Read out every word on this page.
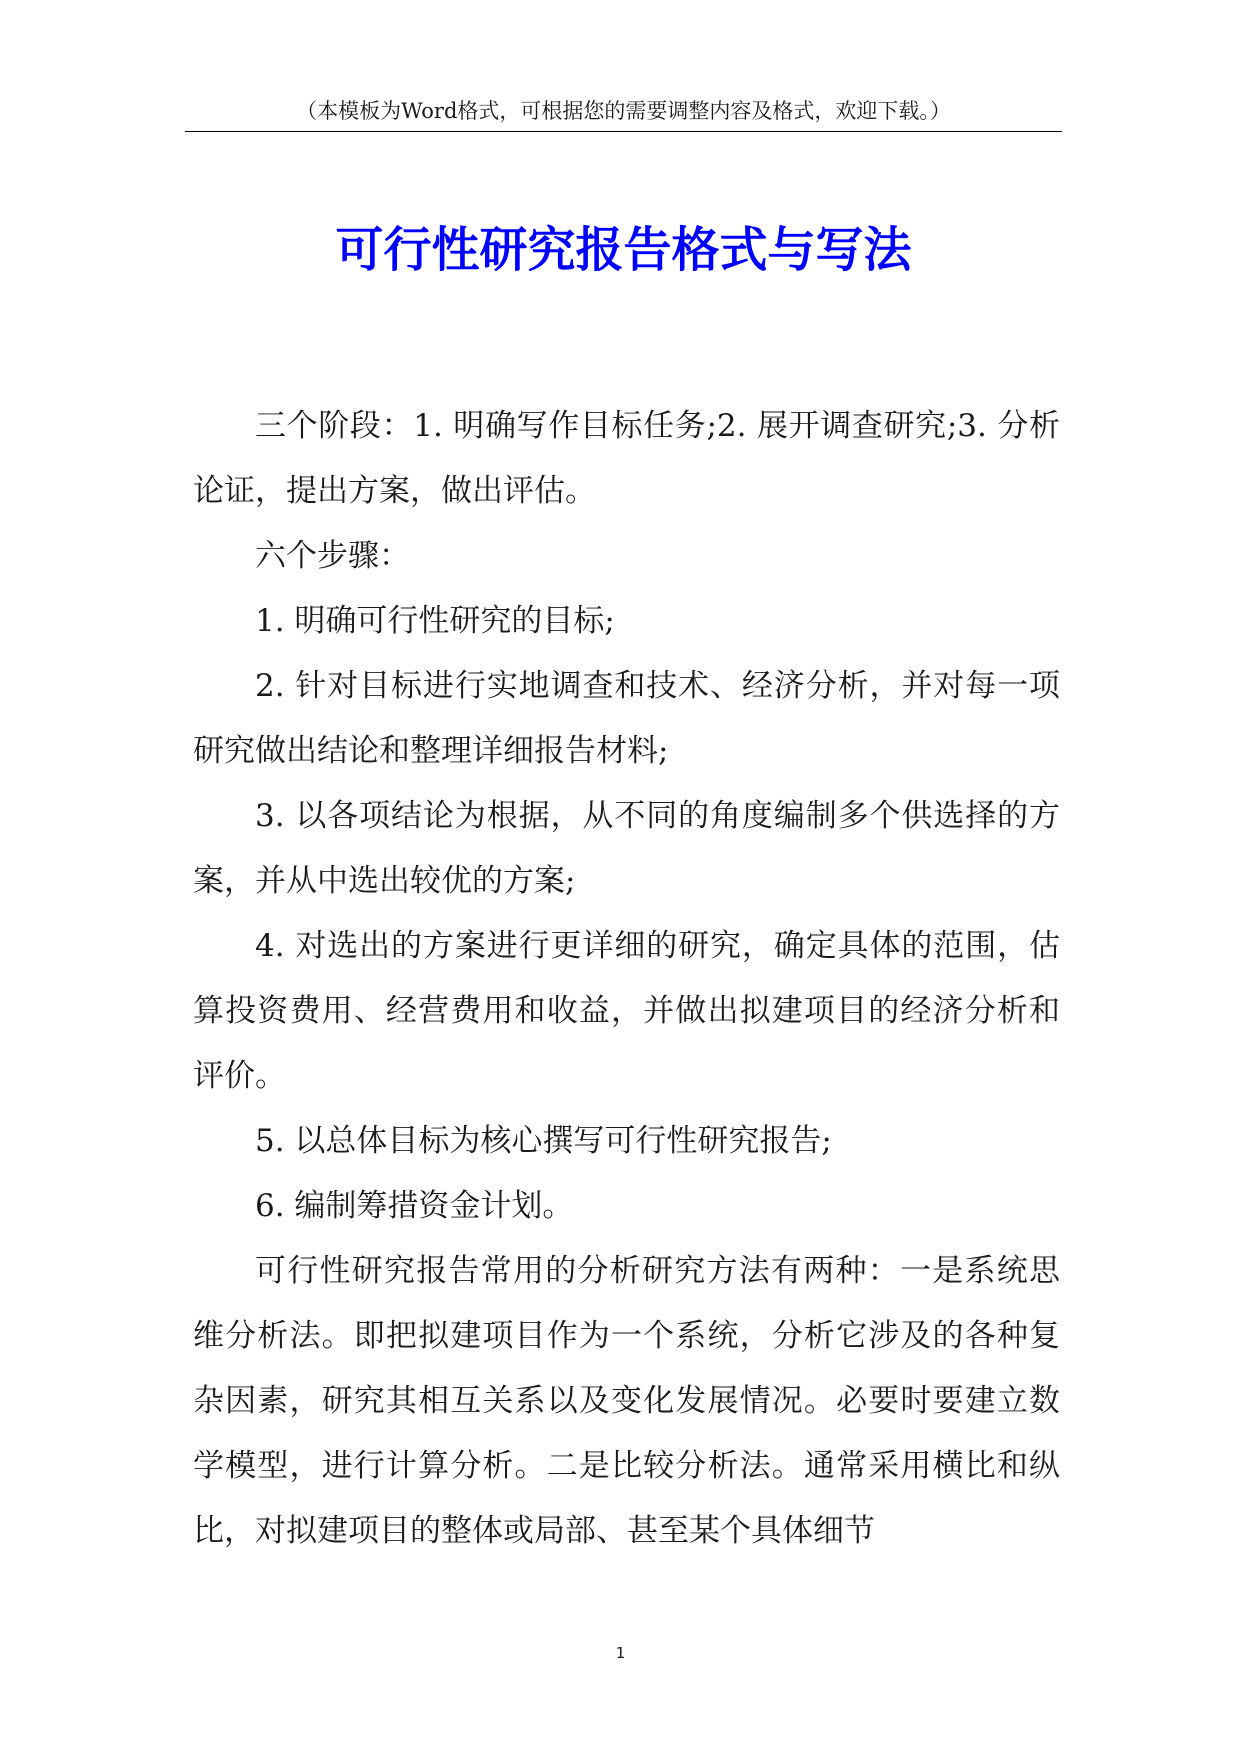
（本模板为Word格式，可根据您的需要调整内容及格式，欢迎下载。）
可行性研究报告格式与写法

三个阶段：1. 明确写作目标任务;2. 展开调查研究;3. 分析论证，提出方案，做出评估。

六个步骤：

1. 明确可行性研究的目标;

2. 针对目标进行实地调查和技术、经济分析，并对每一项研究做出结论和整理详细报告材料;

3. 以各项结论为根据，从不同的角度编制多个供选择的方案，并从中选出较优的方案;

4. 对选出的方案进行更详细的研究，确定具体的范围，估算投资费用、经营费用和收益，并做出拟建项目的经济分析和评价。

5. 以总体目标为核心撰写可行性研究报告;

6. 编制筹措资金计划。

可行性研究报告常用的分析研究方法有两种：一是系统思维分析法。即把拟建项目作为一个系统，分析它涉及的各种复杂因素，研究其相互关系以及变化发展情况。必要时要建立数学模型，进行计算分析。二是比较分析法。通常采用横比和纵比，对拟建项目的整体或局部、甚至某个具体细节

1
